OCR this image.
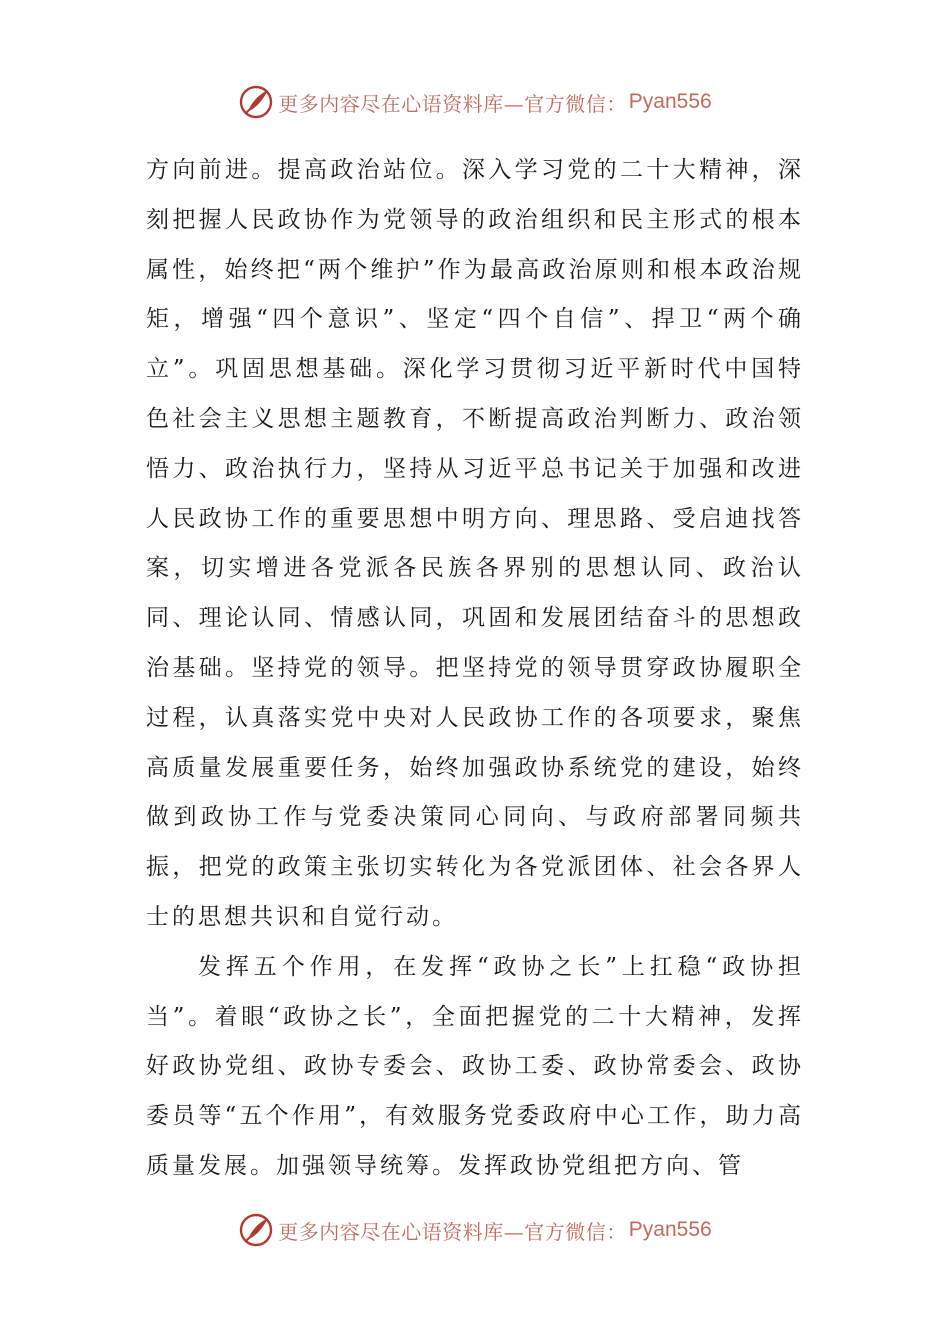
更多内容尽在心语资料库—官方微信： Pyan556

方向前进。提高政治站位。深入学习党的二十大精神，深刻把握人民政协作为党领导的政治组织和民主形式的根本属性，始终把“两个维护”作为最高政治原则和根本政治规矩，增强“四个意识”、坚定“四个自信”、捍卫“两个确立”。巩固思想基础。深化学习贯彻习近平新时代中国特色社会主义思想主题教育，不断提高政治判断力、政治领悟力、政治执行力，坚持从习近平总书记关于加强和改进人民政协工作的重要思想中明方向、理思路、受启迪找答案，切实增进各党派各民族各界别的思想认同、政治认同、理论认同、情感认同，巩固和发展团结奋斗的思想政治基础。坚持党的领导。把坚持党的领导贯穿政协履职全过程，认真落实党中央对人民政协工作的各项要求，聚焦高质量发展重要任务，始终加强政协系统党的建设，始终做到政协工作与党委决策同心同向、与政府部署同频共振，把党的政策主张切实转化为各党派团体、社会各界人士的思想共识和自觉行动。

发挥五个作用，在发挥“政协之长”上扛稳“政协担当”。着眼“政协之长”，全面把握党的二十大精神，发挥好政协党组、政协专委会、政协工委、政协常委会、政协委员等“五个作用”，有效服务党委政府中心工作，助力高质量发展。加强领导统筹。发挥政协党组把方向、管

更多内容尽在心语资料库—官方微信： Pyan556
